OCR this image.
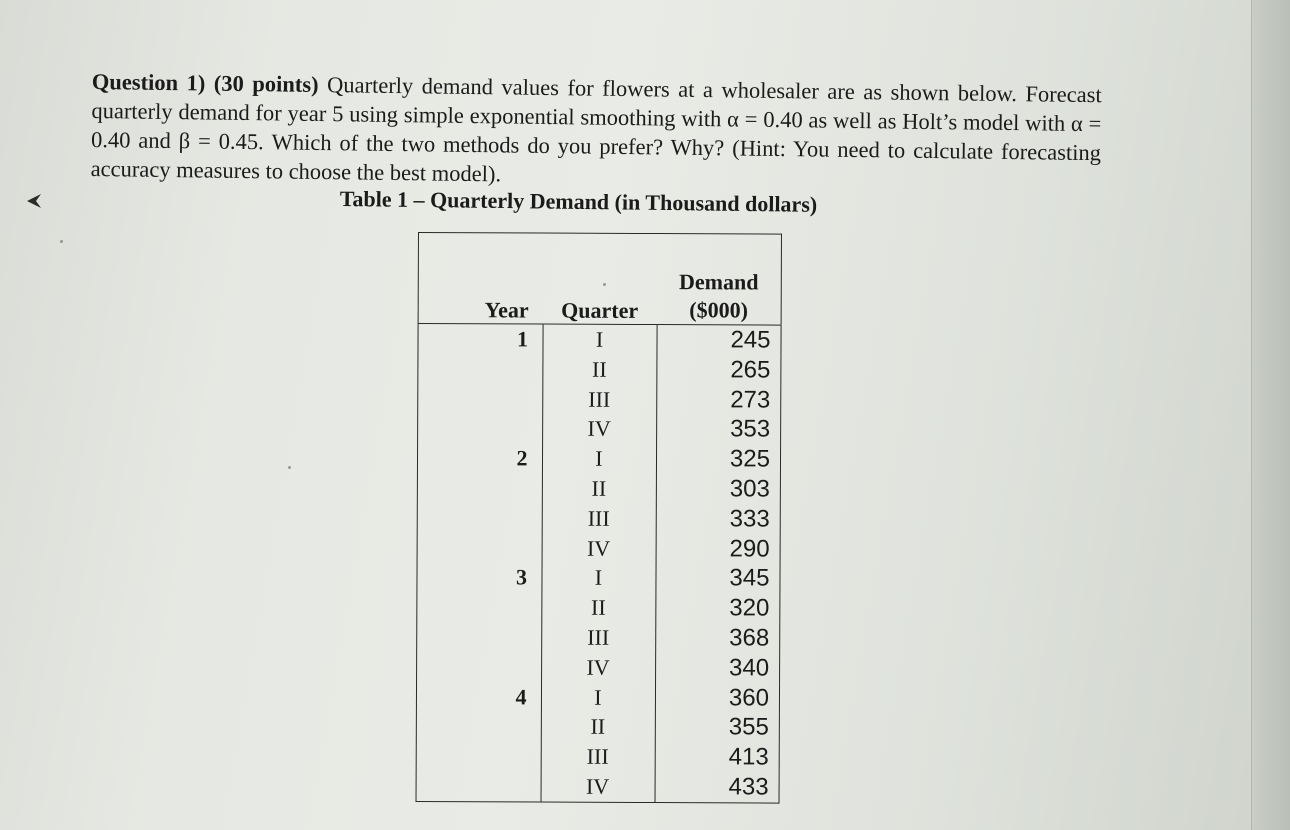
Question 1) (30 points) Quarterly demand values for flowers at a wholesaler are as shown below. Forecast quarterly demand for year 5 using simple exponential smoothing with α = 0.40 as well as Holt’s model with α = 0.40 and β = 0.45. Which of the two methods do you prefer? Why? (Hint: You need to calculate forecasting accuracy measures to choose the best model).

Table 1 – Quarterly Demand (in Thousand dollars)
Year	Quarter	Demand
($000)
1	I	245
	II	265
	III	273
	IV	353
2	I	325
	II	303
	III	333
	IV	290
3	I	345
	II	320
	III	368
	IV	340
4	I	360
	II	355
	III	413
	IV	433
